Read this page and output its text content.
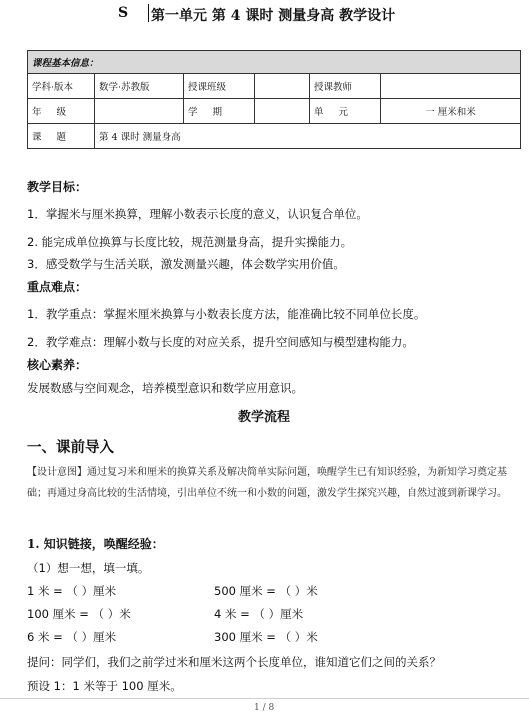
S 第一单元 第 4 课时 测量身高 教学设计
课程基本信息：					
学科·版本	数学·苏教版	授课班级		授课教师	
年 级		学 期		单 元	一 厘米和米
课 题	第 4 课时 测量身高				
教学目标：
1．掌握米与厘米换算，理解小数表示长度的意义，认识复合单位。
2. 能完成单位换算与长度比较，规范测量身高，提升实操能力。
3．感受数学与生活关联，激发测量兴趣，体会数学实用价值。
重点难点：
1．教学重点：掌握米厘米换算与小数表长度方法，能准确比较不同单位长度。
2．教学难点：理解小数与长度的对应关系，提升空间感知与模型建构能力。
核心素养：
发展数感与空间观念，培养模型意识和数学应用意识。
教学流程
一、课前导入
【设计意图】通过复习米和厘米的换算关系及解决简单实际问题，唤醒学生已有知识经验，为新知学习奠定基础；再通过身高比较的生活情境，引出单位不统一和小数的问题，激发学生探究兴趣，自然过渡到新课学习。
1. 知识链接，唤醒经验：
（1）想一想，填一填。
1 米 = （ ）厘米	500 厘米 = （ ）米
100 厘米 = （ ）米	4 米 = （ ）厘米
6 米 = （ ）厘米	300 厘米 = （ ）米
提问：同学们，我们之前学过米和厘米这两个长度单位，谁知道它们之间的关系？
预设 1：1 米等于 100 厘米。
1 / 8
